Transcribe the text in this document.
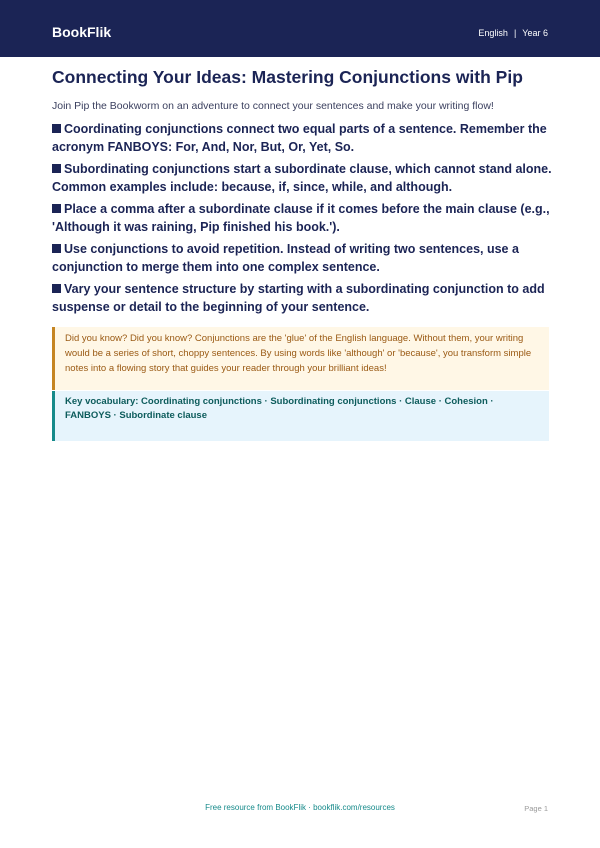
BookFlik	English | Year 6
Connecting Your Ideas: Mastering Conjunctions with Pip
Join Pip the Bookworm on an adventure to connect your sentences and make your writing flow!
Coordinating conjunctions connect two equal parts of a sentence. Remember the acronym FANBOYS: For, And, Nor, But, Or, Yet, So.
Subordinating conjunctions start a subordinate clause, which cannot stand alone. Common examples include: because, if, since, while, and although.
Place a comma after a subordinate clause if it comes before the main clause (e.g., 'Although it was raining, Pip finished his book.').
Use conjunctions to avoid repetition. Instead of writing two sentences, use a conjunction to merge them into one complex sentence.
Vary your sentence structure by starting with a subordinating conjunction to add suspense or detail to the beginning of your sentence.
Did you know? Did you know? Conjunctions are the 'glue' of the English language. Without them, your writing would be a series of short, choppy sentences. By using words like 'although' or 'because', you transform simple notes into a flowing story that guides your reader through your brilliant ideas!
Key vocabulary: Coordinating conjunctions · Subordinating conjunctions · Clause · Cohesion · FANBOYS · Subordinate clause
Free resource from BookFlik · bookflik.com/resources	Page 1
